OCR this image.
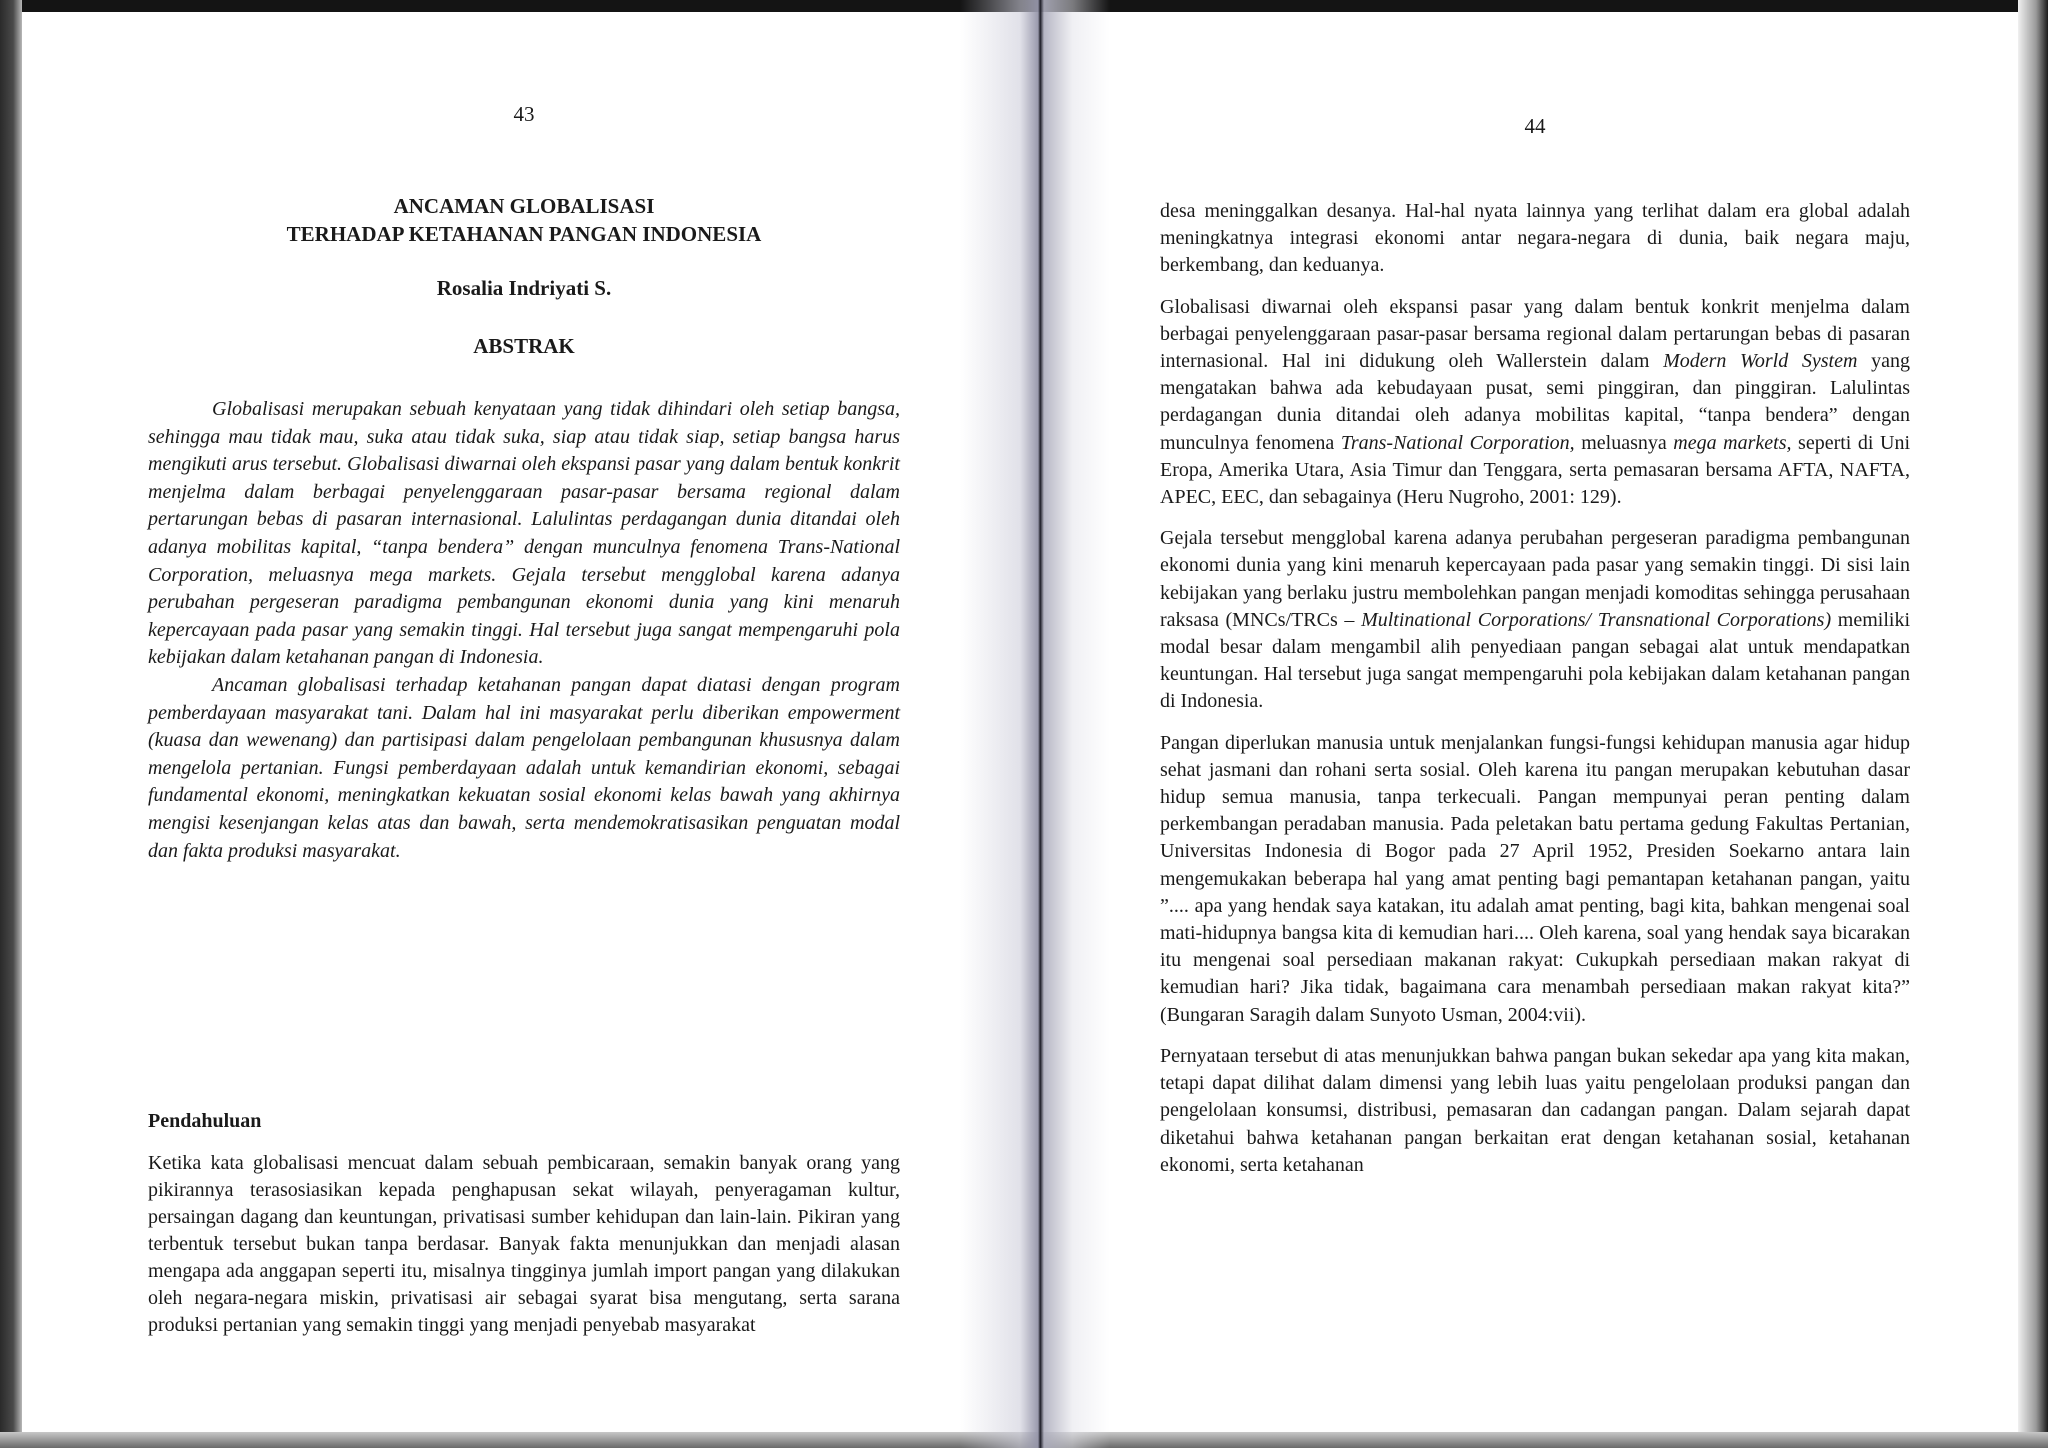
43
ANCAMAN GLOBALISASI
TERHADAP KETAHANAN PANGAN INDONESIA
Rosalia Indriyati S.
ABSTRAK

Globalisasi merupakan sebuah kenyataan yang tidak dihindari oleh setiap bangsa, sehingga mau tidak mau, suka atau tidak suka, siap atau tidak siap, setiap bangsa harus mengikuti arus tersebut. Globalisasi diwarnai oleh ekspansi pasar yang dalam bentuk konkrit menjelma dalam berbagai penyelenggaraan pasar-pasar bersama regional dalam pertarungan bebas di pasaran internasional. Lalulintas perdagangan dunia ditandai oleh adanya mobilitas kapital, “tanpa bendera” dengan munculnya fenomena Trans-National Corporation, meluasnya mega markets. Gejala tersebut mengglobal karena adanya perubahan pergeseran paradigma pembangunan ekonomi dunia yang kini menaruh kepercayaan pada pasar yang semakin tinggi. Hal tersebut juga sangat mempengaruhi pola kebijakan dalam ketahanan pangan di Indonesia.

Ancaman globalisasi terhadap ketahanan pangan dapat diatasi dengan program pemberdayaan masyarakat tani. Dalam hal ini masyarakat perlu diberikan empowerment (kuasa dan wewenang) dan partisipasi dalam pengelolaan pembangunan khususnya dalam mengelola pertanian. Fungsi pemberdayaan adalah untuk kemandirian ekonomi, sebagai fundamental ekonomi, meningkatkan kekuatan sosial ekonomi kelas bawah yang akhirnya mengisi kesenjangan kelas atas dan bawah, serta mendemokratisasikan penguatan modal dan fakta produksi masyarakat.

Pendahuluan

Ketika kata globalisasi mencuat dalam sebuah pembicaraan, semakin banyak orang yang pikirannya terasosiasikan kepada penghapusan sekat wilayah, penyeragaman kultur, persaingan dagang dan keuntungan, privatisasi sumber kehidupan dan lain-lain. Pikiran yang terbentuk tersebut bukan tanpa berdasar. Banyak fakta menunjukkan dan menjadi alasan mengapa ada anggapan seperti itu, misalnya tingginya jumlah import pangan yang dilakukan oleh negara-negara miskin, privatisasi air sebagai syarat bisa mengutang, serta sarana produksi pertanian yang semakin tinggi yang menjadi penyebab masyarakat

44

desa meninggalkan desanya. Hal-hal nyata lainnya yang terlihat dalam era global adalah meningkatnya integrasi ekonomi antar negara-negara di dunia, baik negara maju, berkembang, dan keduanya.

Globalisasi diwarnai oleh ekspansi pasar yang dalam bentuk konkrit menjelma dalam berbagai penyelenggaraan pasar-pasar bersama regional dalam pertarungan bebas di pasaran internasional. Hal ini didukung oleh Wallerstein dalam Modern World System yang mengatakan bahwa ada kebudayaan pusat, semi pinggiran, dan pinggiran. Lalulintas perdagangan dunia ditandai oleh adanya mobilitas kapital, “tanpa bendera” dengan munculnya fenomena Trans-National Corporation, meluasnya mega markets, seperti di Uni Eropa, Amerika Utara, Asia Timur dan Tenggara, serta pemasaran bersama AFTA, NAFTA, APEC, EEC, dan sebagainya (Heru Nugroho, 2001: 129).

Gejala tersebut mengglobal karena adanya perubahan pergeseran paradigma pembangunan ekonomi dunia yang kini menaruh kepercayaan pada pasar yang semakin tinggi. Di sisi lain kebijakan yang berlaku justru membolehkan pangan menjadi komoditas sehingga perusahaan raksasa (MNCs/TRCs – Multinational Corporations/ Transnational Corporations) memiliki modal besar dalam mengambil alih penyediaan pangan sebagai alat untuk mendapatkan keuntungan. Hal tersebut juga sangat mempengaruhi pola kebijakan dalam ketahanan pangan di Indonesia.

Pangan diperlukan manusia untuk menjalankan fungsi-fungsi kehidupan manusia agar hidup sehat jasmani dan rohani serta sosial. Oleh karena itu pangan merupakan kebutuhan dasar hidup semua manusia, tanpa terkecuali. Pangan mempunyai peran penting dalam perkembangan peradaban manusia. Pada peletakan batu pertama gedung Fakultas Pertanian, Universitas Indonesia di Bogor pada 27 April 1952, Presiden Soekarno antara lain mengemukakan beberapa hal yang amat penting bagi pemantapan ketahanan pangan, yaitu ”.... apa yang hendak saya katakan, itu adalah amat penting, bagi kita, bahkan mengenai soal mati-hidupnya bangsa kita di kemudian hari.... Oleh karena, soal yang hendak saya bicarakan itu mengenai soal persediaan makanan rakyat: Cukupkah persediaan makan rakyat di kemudian hari? Jika tidak, bagaimana cara menambah persediaan makan rakyat kita?” (Bungaran Saragih dalam Sunyoto Usman, 2004:vii).

Pernyataan tersebut di atas menunjukkan bahwa pangan bukan sekedar apa yang kita makan, tetapi dapat dilihat dalam dimensi yang lebih luas yaitu pengelolaan produksi pangan dan pengelolaan konsumsi, distribusi, pemasaran dan cadangan pangan. Dalam sejarah dapat diketahui bahwa ketahanan pangan berkaitan erat dengan ketahanan sosial, ketahanan ekonomi, serta ketahanan
